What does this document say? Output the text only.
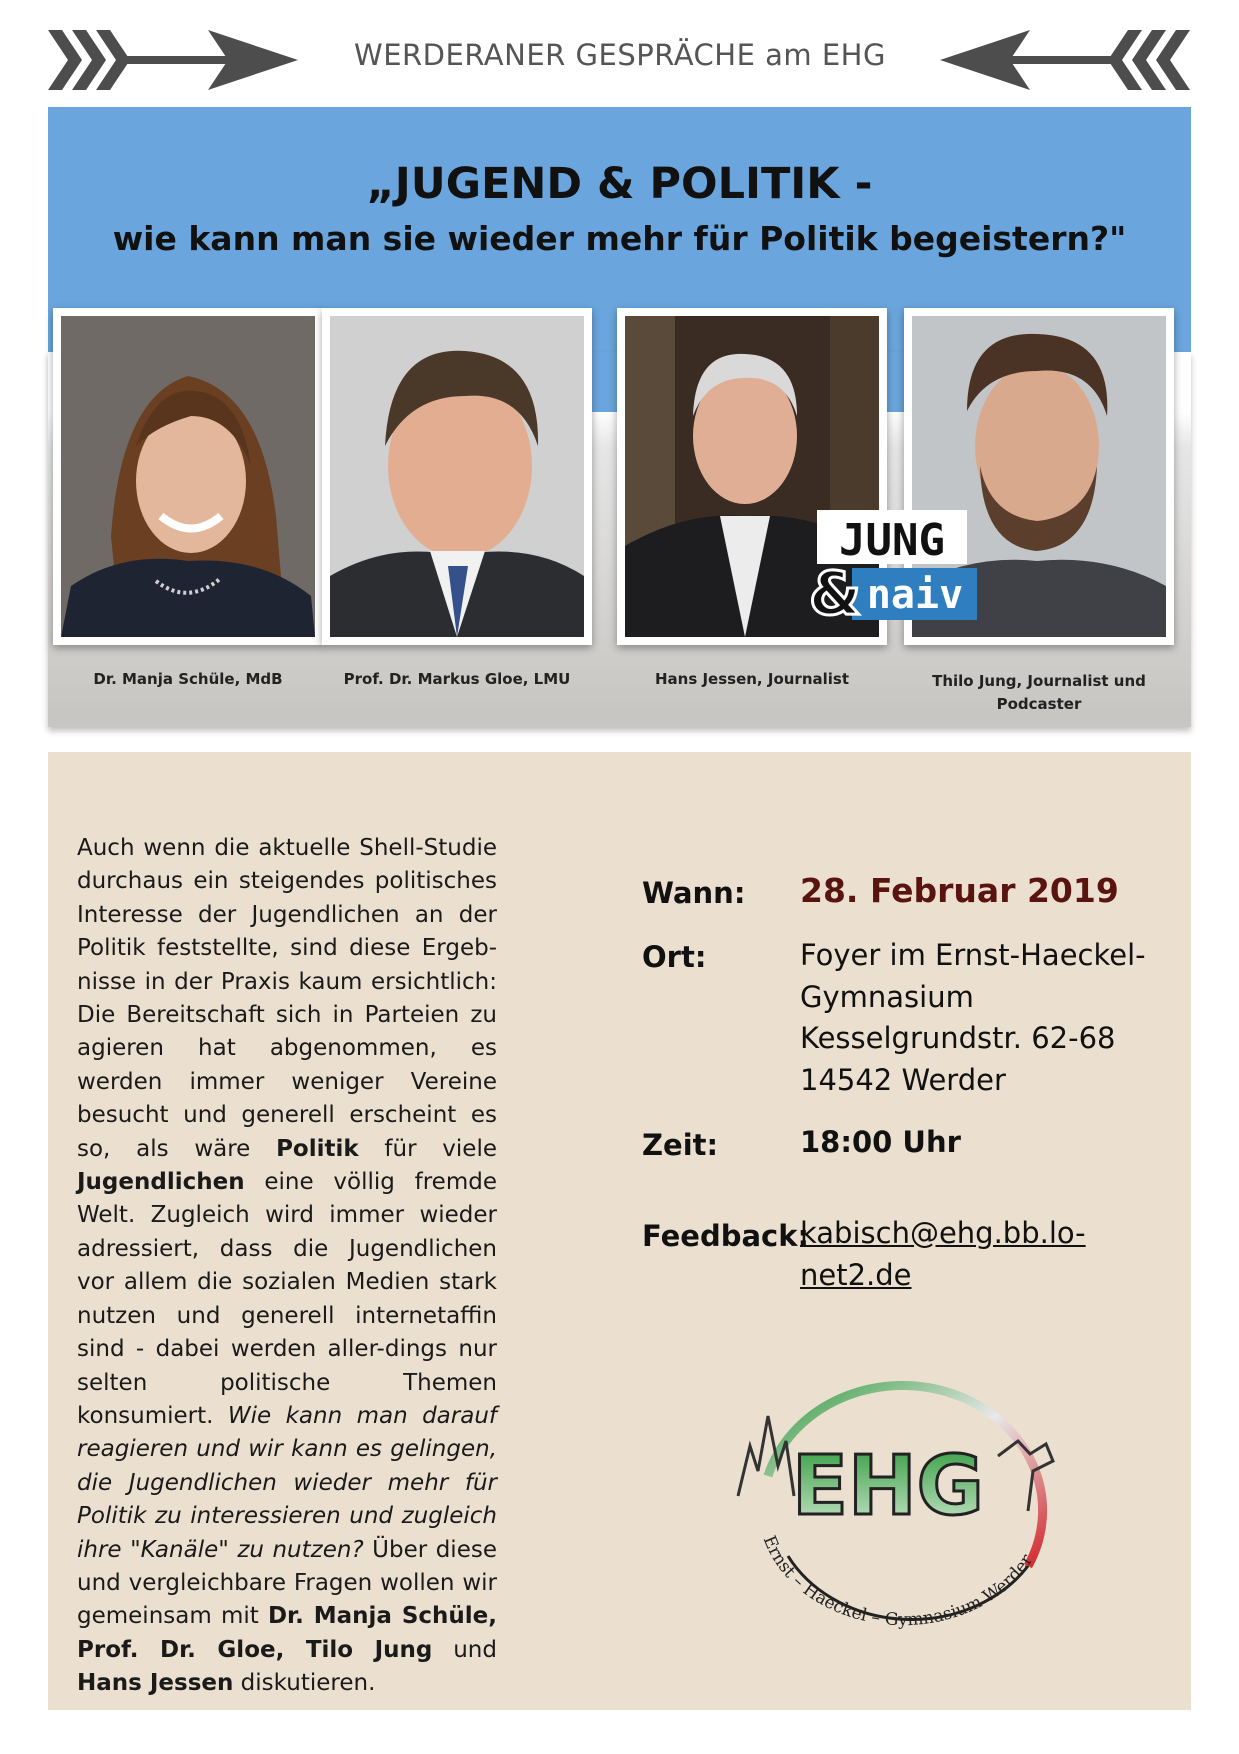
WERDERANER GESPRÄCHE am EHG
„JUGEND & POLITIK -
wie kann man sie wieder mehr für Politik begeistern?"
JUNG
& naiv
Dr. Manja Schüle, MdB	Prof. Dr. Markus Gloe, LMU	Hans Jessen, Journalist	Thilo Jung, Journalist und
Podcaster
Auch wenn die aktuelle Shell-Studie durchaus ein steigendes politisches Interesse der Jugendlichen an der Politik feststellte, sind diese Ergeb-nisse in der Praxis kaum ersichtlich: Die Bereitschaft sich in Parteien zu agieren hat abgenommen, es werden immer weniger Vereine besucht und generell erscheint es so, als wäre Politik für viele Jugendlichen eine völlig fremde Welt. Zugleich wird immer wieder adressiert, dass die Jugendlichen vor allem die sozialen Medien stark nutzen und generell internetaffin sind - dabei werden aller-dings nur selten politische Themen konsumiert. Wie kann man darauf reagieren und wir kann es gelingen, die Jugendlichen wieder mehr für Politik zu interessieren und zugleich ihre "Kanäle" zu nutzen? Über diese und vergleichbare Fragen wollen wir gemeinsam mit Dr. Manja Schüle, Prof. Dr. Gloe, Tilo Jung und Hans Jessen diskutieren.
Wann: 28. Februar 2019
Ort:	Foyer im Ernst-Haeckel-
Gymnasium
Kesselgrundstr. 62-68
14542 Werder
Zeit:	18:00 Uhr
Feedback:
kabisch@ehg.bb.lo-
net2.de
EHG
Ernst – Haeckel – Gymnasium Werder
